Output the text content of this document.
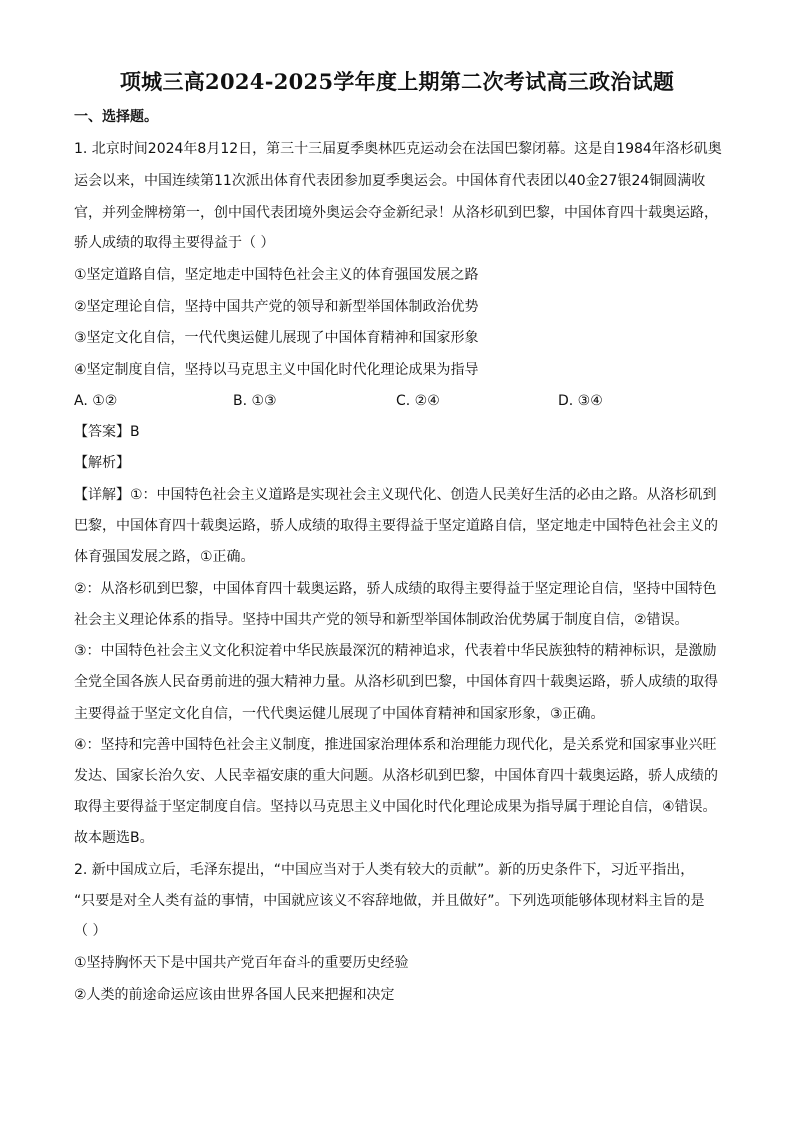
项城三高2024-2025学年度上期第二次考试高三政治试题
一、选择题。
1. 北京时间2024年8月12日，第三十三届夏季奥林匹克运动会在法国巴黎闭幕。这是自1984年洛杉矶奥
运会以来，中国连续第11次派出体育代表团参加夏季奥运会。中国体育代表团以40金27银24铜圆满收
官，并列金牌榜第一，创中国代表团境外奥运会夺金新纪录！从洛杉矶到巴黎，中国体育四十载奥运路，
骄人成绩的取得主要得益于（ ）
①坚定道路自信，坚定地走中国特色社会主义的体育强国发展之路
②坚定理论自信，坚持中国共产党的领导和新型举国体制政治优势
③坚定文化自信，一代代奥运健儿展现了中国体育精神和国家形象
④坚定制度自信，坚持以马克思主义中国化时代化理论成果为指导
A. ①②	B. ①③	C. ②④	D. ③④
【答案】B
【解析】
【详解】①：中国特色社会主义道路是实现社会主义现代化、创造人民美好生活的必由之路。从洛杉矶到
巴黎，中国体育四十载奥运路，骄人成绩的取得主要得益于坚定道路自信，坚定地走中国特色社会主义的
体育强国发展之路，①正确。
②：从洛杉矶到巴黎，中国体育四十载奥运路，骄人成绩的取得主要得益于坚定理论自信，坚持中国特色
社会主义理论体系的指导。坚持中国共产党的领导和新型举国体制政治优势属于制度自信，②错误。
③：中国特色社会主义文化积淀着中华民族最深沉的精神追求，代表着中华民族独特的精神标识，是激励
全党全国各族人民奋勇前进的强大精神力量。从洛杉矶到巴黎，中国体育四十载奥运路，骄人成绩的取得
主要得益于坚定文化自信，一代代奥运健儿展现了中国体育精神和国家形象，③正确。
④：坚持和完善中国特色社会主义制度，推进国家治理体系和治理能力现代化，是关系党和国家事业兴旺
发达、国家长治久安、人民幸福安康的重大问题。从洛杉矶到巴黎，中国体育四十载奥运路，骄人成绩的
取得主要得益于坚定制度自信。坚持以马克思主义中国化时代化理论成果为指导属于理论自信，④错误。
故本题选B。
2. 新中国成立后，毛泽东提出，“中国应当对于人类有较大的贡献”。新的历史条件下，习近平指出，
“只要是对全人类有益的事情，中国就应该义不容辞地做，并且做好”。下列选项能够体现材料主旨的是
（ ）
①坚持胸怀天下是中国共产党百年奋斗的重要历史经验
②人类的前途命运应该由世界各国人民来把握和决定
